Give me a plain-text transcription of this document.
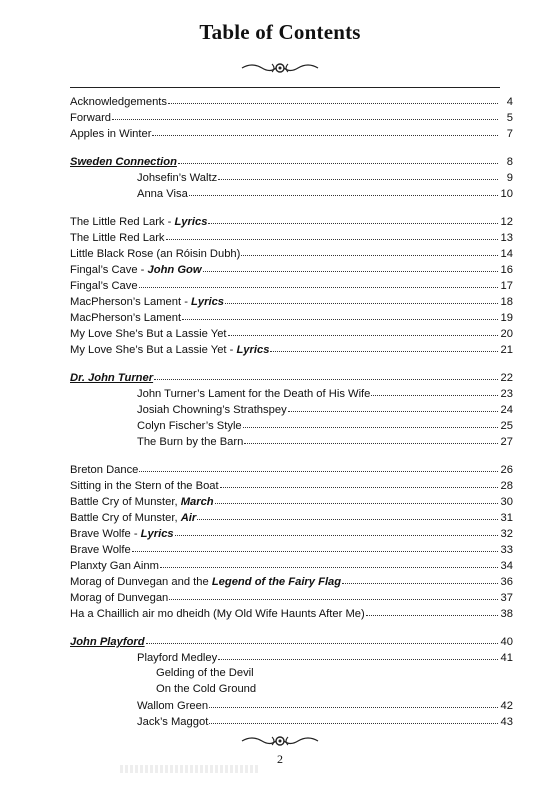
Table of Contents
Acknowledgements	4
Forward	5
Apples in Winter	7
Sweden Connection	8
Johsefin’s Waltz	9
Anna Visa	10
The Little Red Lark - Lyrics	12
The Little Red Lark	13
Little Black Rose (an Róisin Dubh)	14
Fingal’s Cave - John Gow	16
Fingal’s Cave	17
MacPherson’s Lament - Lyrics	18
MacPherson’s Lament	19
My Love She’s But a Lassie Yet	20
My Love She’s But a Lassie Yet - Lyrics	21
Dr. John Turner	22
John Turner’s Lament for the Death of His Wife	23
Josiah Chowning’s Strathspey	24
Colyn Fischer’s Style	25
The Burn by the Barn	27
Breton Dance	26
Sitting in the Stern of the Boat	28
Battle Cry of Munster, March	30
Battle Cry of Munster, Air	31
Brave Wolfe - Lyrics	32
Brave Wolfe	33
Planxty Gan Ainm	34
Morag of Dunvegan and the Legend of the Fairy Flag	36
Morag of Dunvegan	37
Ha a Chaillich air mo dheidh (My Old Wife Haunts After Me)	38
John Playford	40
Playford Medley	41
Gelding of the Devil
On the Cold Ground
Wallom Green	42
Jack’s Maggot	43
2
